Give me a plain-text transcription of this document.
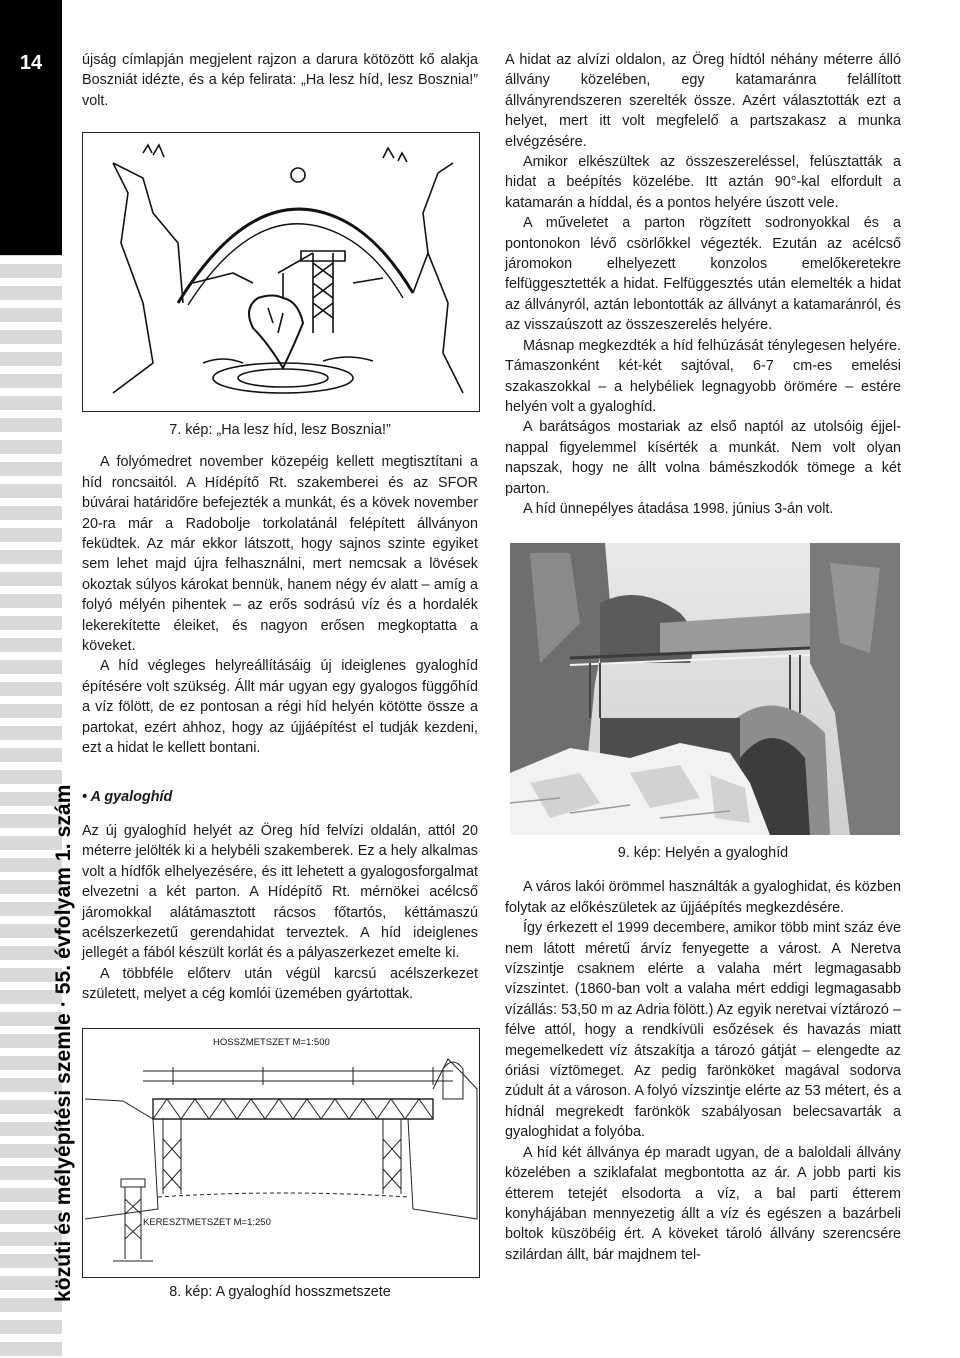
14
közúti és mélyépítési szemle · 55. évfolyam 1. szám

újság címlapján megjelent rajzon a darura kötözött kő alakja Boszniát idézte, és a kép felirata: „Ha lesz híd, lesz Bosznia!” volt.

7. kép: „Ha lesz híd, lesz Bosznia!”

A folyómedret november közepéig kellett megtisztítani a híd roncsaitól. A Hídépítő Rt. szakemberei és az SFOR búvárai határidőre befejezték a munkát, és a kövek november 20-ra már a Radobolje torkolatánál felépített állványon feküdtek. Az már ekkor látszott, hogy sajnos szinte egyiket sem lehet majd újra felhasználni, mert nemcsak a lövések okoztak súlyos károkat bennük, hanem négy év alatt – amíg a folyó mélyén pihentek – az erős sodrású víz és a hordalék lekerekítette éleiket, és nagyon erősen megkoptatta a köveket.

A híd végleges helyreállításáig új ideiglenes gyaloghíd építésére volt szükség. Állt már ugyan egy gyalogos függőhíd a víz fölött, de ez pontosan a régi híd helyén kötötte össze a partokat, ezért ahhoz, hogy az újjáépítést el tudják kezdeni, ezt a hidat le kellett bontani.

• A gyaloghíd

Az új gyaloghíd helyét az Öreg híd felvízi oldalán, attól 20 méterre jelölték ki a helybéli szakemberek. Ez a hely alkalmas volt a hídfők elhelyezésére, és itt lehetett a gyalogosforgalmat elvezetni a két parton. A Hídépítő Rt. mérnökei acélcső járomokkal alátámasztott rácsos főtartós, kéttámaszú acélszerkezetű gerendahidat terveztek. A híd ideiglenes jellegét a fából készült korlát és a pályaszerkezet emelte ki.

A többféle előterv után végül karcsú acélszerkezet született, melyet a cég komlói üzemében gyártottak.

HOSSZMETSZET M=1:500
KERESZTMETSZET M=1:250

8. kép: A gyaloghíd hosszmetszete

A hidat az alvízi oldalon, az Öreg hídtól néhány méterre álló állvány közelében, egy katamaránra felállított állványrendszeren szerelték össze. Azért választották ezt a helyet, mert itt volt megfelelő a partszakasz a munka elvégzésére.

Amikor elkészültek az összeszereléssel, felúsztatták a hidat a beépítés közelébe. Itt aztán 90°-kal elfordult a katamarán a híddal, és a pontos helyére úszott vele.

A műveletet a parton rögzített sodronyokkal és a pontonokon lévő csörlőkkel végezték. Ezután az acélcső járomokon elhelyezett konzolos emelőkeretekre felfüggesztették a hidat. Felfüggesztés után elemelték a hidat az állványról, aztán lebontották az állványt a katamaránról, és az visszaúszott az összeszerelés helyére.

Másnap megkezdték a híd felhúzását ténylegesen helyére. Támaszonként két-két sajtóval, 6-7 cm-es emelési szakaszokkal – a helybéliek legnagyobb örömére – estére helyén volt a gyaloghíd.

A barátságos mostariak az első naptól az utolsóig éjjel-nappal figyelemmel kísérték a munkát. Nem volt olyan napszak, hogy ne állt volna bámészkodók tömege a két parton.

A híd ünnepélyes átadása 1998. június 3-án volt.

9. kép: Helyén a gyaloghíd

A város lakói örömmel használták a gyaloghidat, és közben folytak az előkészületek az újjáépítés megkezdésére.

Így érkezett el 1999 decembere, amikor több mint száz éve nem látott méretű árvíz fenyegette a várost. A Neretva vízszintje csaknem elérte a valaha mért legmagasabb vízszintet. (1860-ban volt a valaha mért eddigi legmagasabb vízállás: 53,50 m az Adria fölött.) Az egyik neretvai víztározó – félve attól, hogy a rendkívüli esőzések és havazás miatt megemelkedett víz átszakítja a tározó gátját – elengedte az óriási víztömeget. Az pedig farönköket magával sodorva zúdult át a városon. A folyó vízszintje elérte az 53 métert, és a hídnál megrekedt farönkök szabályosan belecsavarták a gyaloghidat a folyóba.

A híd két állványa ép maradt ugyan, de a baloldali állvány közelében a sziklafalat megbontotta az ár. A jobb parti kis étterem tetejét elsodorta a víz, a bal parti étterem konyhájában mennyezetig állt a víz és egészen a bazárbeli boltok küszöbéig ért. A köveket tároló állvány szerencsére szilárdan állt, bár majdnem tel-
